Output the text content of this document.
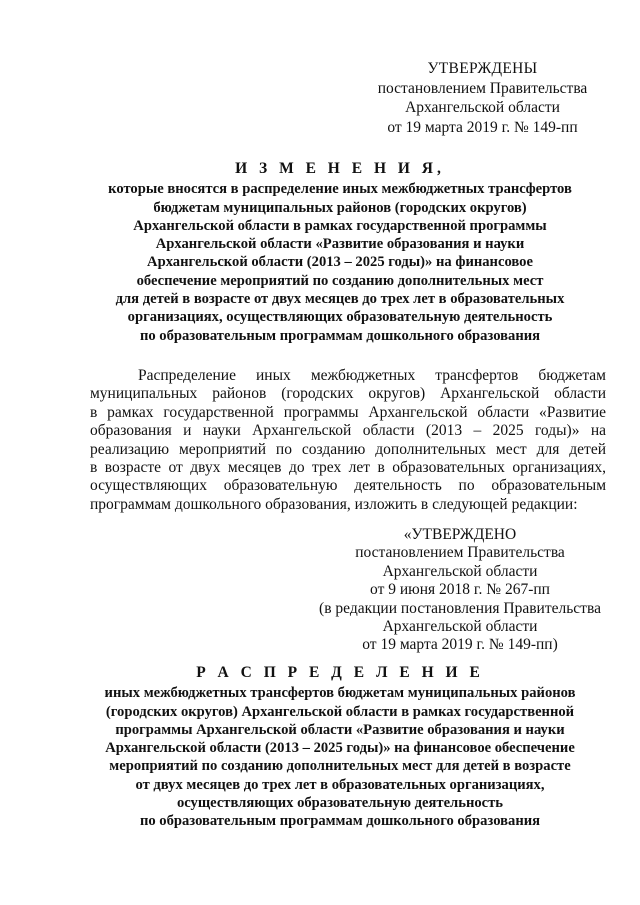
УТВЕРЖДЕНЫ
постановлением Правительства
Архангельской области
от 19 марта 2019 г. № 149-пп
И З М Е Н Е Н И Я,
которые вносятся в распределение иных межбюджетных трансфертов
бюджетам муниципальных районов (городских округов)
Архангельской области в рамках государственной программы
Архангельской области «Развитие образования и науки
Архангельской области (2013 – 2025 годы)» на финансовое
обеспечение мероприятий по созданию дополнительных мест
для детей в возрасте от двух месяцев до трех лет в образовательных
организациях, осуществляющих образовательную деятельность
по образовательным программам дошкольного образования
Распределение иных межбюджетных трансфертов бюджетам
муниципальных районов (городских округов) Архангельской области
в рамках государственной программы Архангельской области «Развитие
образования и науки Архангельской области (2013 – 2025 годы)» на
реализацию мероприятий по созданию дополнительных мест для детей
в возрасте от двух месяцев до трех лет в образовательных организациях,
осуществляющих образовательную деятельность по образовательным
программам дошкольного образования, изложить в следующей редакции:
«УТВЕРЖДЕНО
постановлением Правительства
Архангельской области
от 9 июня 2018 г. № 267-пп
(в редакции постановления Правительства
Архангельской области
от 19 марта 2019 г. № 149-пп)
Р А С П Р Е Д Е Л Е Н И Е
иных межбюджетных трансфертов бюджетам муниципальных районов
(городских округов) Архангельской области в рамках государственной
программы Архангельской области «Развитие образования и науки
Архангельской области (2013 – 2025 годы)» на финансовое обеспечение
мероприятий по созданию дополнительных мест для детей в возрасте
от двух месяцев до трех лет в образовательных организациях,
осуществляющих образовательную деятельность
по образовательным программам дошкольного образования
